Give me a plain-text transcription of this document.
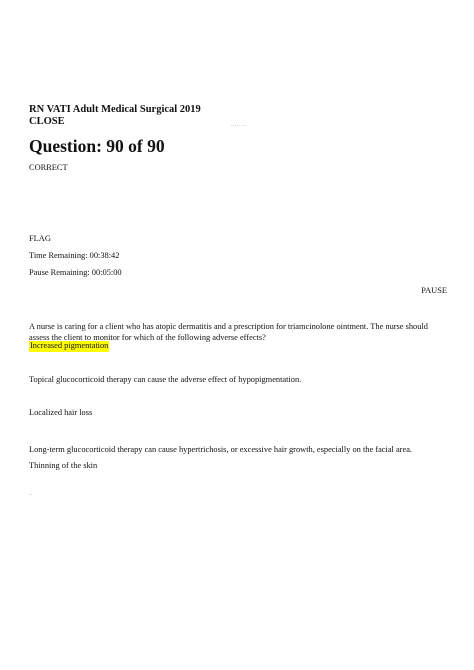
RN VATI Adult Medical Surgical 2019
CLOSE	........
Question: 90 of 90
CORRECT
FLAG
Time Remaining: 00:38:42
Pause Remaining: 00:05:00
PAUSE
A nurse is caring for a client who has atopic dermatitis and a prescription for triamcinolone ointment. The nurse should assess the client to monitor for which of the following adverse effects?
Increased pigmentation
Topical glucocorticoid therapy can cause the adverse effect of hypopigmentation.
Localized hair loss
Long-term glucocorticoid therapy can cause hypertrichosis, or excessive hair growth, especially on the facial area.
Thinning of the skin
..
